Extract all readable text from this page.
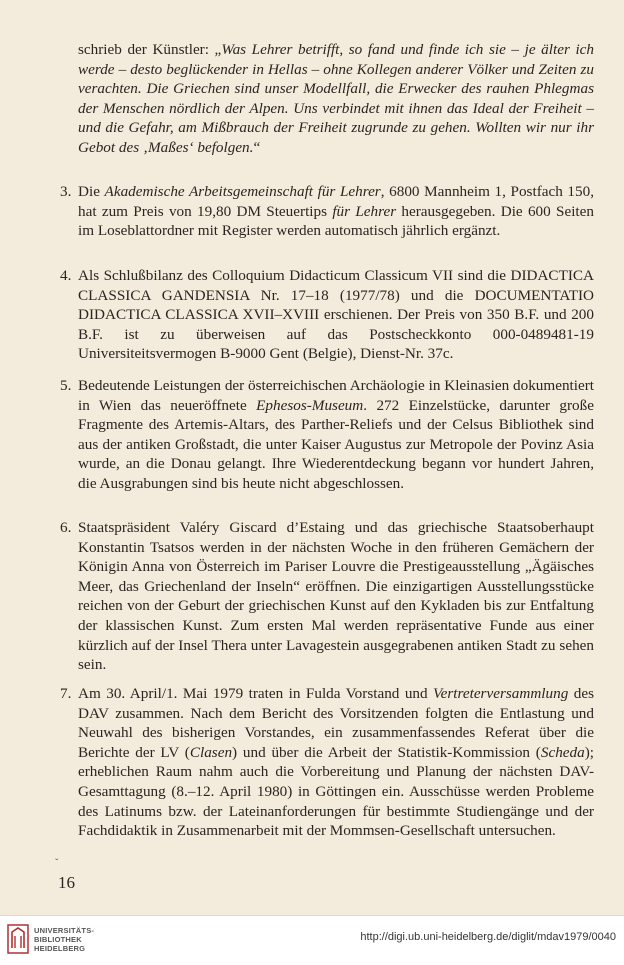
schrieb der Künstler: „Was Lehrer betrifft, so fand und finde ich sie – je älter ich werde – desto beglückender in Hellas – ohne Kollegen anderer Völker und Zeiten zu verachten. Die Griechen sind unser Modellfall, die Erwecker des rauhen Phlegmas der Menschen nördlich der Alpen. Uns verbindet mit ihnen das Ideal der Freiheit – und die Gefahr, am Mißbrauch der Freiheit zugrunde zu gehen. Wollten wir nur ihr Gebot des ‚Maßes‘ befolgen.“
3. Die Akademische Arbeitsgemeinschaft für Lehrer, 6800 Mannheim 1, Postfach 150, hat zum Preis von 19,80 DM Steuertips für Lehrer herausgegeben. Die 600 Seiten im Loseblattordner mit Register werden automatisch jährlich ergänzt.
4. Als Schlußbilanz des Colloquium Didacticum Classicum VII sind die DIDACTICA CLASSICA GANDENSIA Nr. 17–18 (1977/78) und die DOCUMENTATIO DIDACTICA CLASSICA XVII–XVIII erschienen. Der Preis von 350 B.F. und 200 B.F. ist zu überweisen auf das Postscheckkonto 000-0489481-19 Universiteitsvermogen B-9000 Gent (Belgie), Dienst-Nr. 37c.
5. Bedeutende Leistungen der österreichischen Archäologie in Kleinasien dokumentiert in Wien das neueröffnete Ephesos-Museum. 272 Einzelstücke, darunter große Fragmente des Artemis-Altars, des Parther-Reliefs und der Celsus Bibliothek sind aus der antiken Großstadt, die unter Kaiser Augustus zur Metropole der Povinz Asia wurde, an die Donau gelangt. Ihre Wiederentdeckung begann vor hundert Jahren, die Ausgrabungen sind bis heute nicht abgeschlossen.
6. Staatspräsident Valéry Giscard d’Estaing und das griechische Staatsoberhaupt Konstantin Tsatsos werden in der nächsten Woche in den früheren Gemächern der Königin Anna von Österreich im Pariser Louvre die Prestigeausstellung „Ägäisches Meer, das Griechenland der Inseln“ eröffnen. Die einzigartigen Ausstellungsstücke reichen von der Geburt der griechischen Kunst auf den Kykladen bis zur Entfaltung der klassischen Kunst. Zum ersten Mal werden repräsentative Funde aus einer kürzlich auf der Insel Thera unter Lavagestein ausgegrabenen antiken Stadt zu sehen sein.
7. Am 30. April/1. Mai 1979 traten in Fulda Vorstand und Vertreterversammlung des DAV zusammen. Nach dem Bericht des Vorsitzenden folgten die Entlastung und Neuwahl des bisherigen Vorstandes, ein zusammenfassendes Referat über die Berichte der LV (Clasen) und über die Arbeit der Statistik-Kommission (Scheda); erheblichen Raum nahm auch die Vorbereitung und Planung der nächsten DAV-Gesamttagung (8.–12. April 1980) in Göttingen ein. Ausschüsse werden Probleme des Latinums bzw. der Lateinanforderungen für bestimmte Studiengänge und der Fachdidaktik in Zusammenarbeit mit der Mommsen-Gesellschaft untersuchen.
ˇ
16
UNIVERSITÄTS-
BIBLIOTHEK
HEIDELBERG
http://digi.ub.uni-heidelberg.de/diglit/mdav1979/0040
